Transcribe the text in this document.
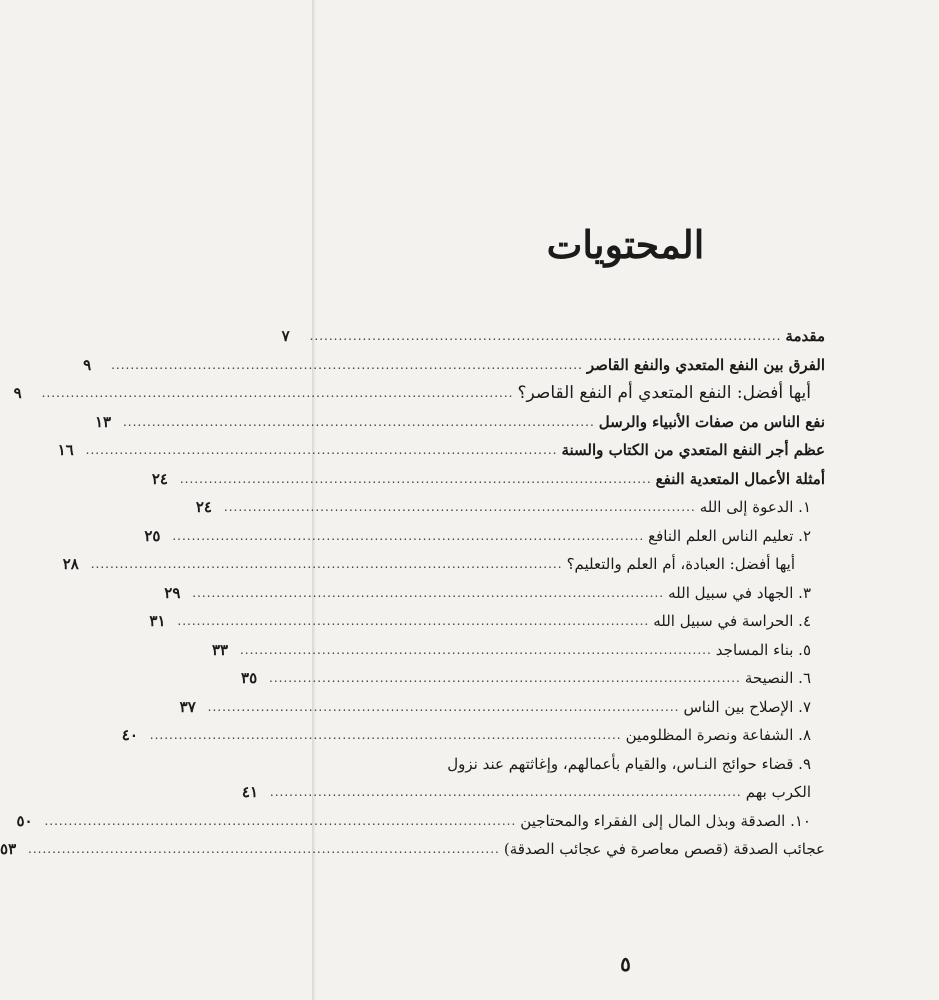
المحتويات
مقدمة
..................................................................................................
٧
الفرق بين النفع المتعدي والنفع القاصر
..................................................................................................
٩
أيها أفضل: النفع المتعدي أم النفع القاصر؟
..................................................................................................
٩
نفع الناس من صفات الأنبياء والرسل
..................................................................................................
١٣
عظم أجر النفع المتعدي من الكتاب والسنة
..................................................................................................
١٦
أمثلة الأعمال المتعدية النفع
..................................................................................................
٢٤
١. الدعوة إلى الله
..................................................................................................
٢٤
٢. تعليم الناس العلم النافع
..................................................................................................
٢٥
أيها أفضل: العبادة، أم العلم والتعليم؟
..................................................................................................
٢٨
٣. الجهاد في سبيل الله
..................................................................................................
٢٩
٤. الحراسة في سبيل الله
..................................................................................................
٣١
٥. بناء المساجد
..................................................................................................
٣٣
٦. النصيحة
..................................................................................................
٣٥
٧. الإصلاح بين الناس
..................................................................................................
٣٧
٨. الشفاعة ونصرة المظلومين
..................................................................................................
٤٠
٩. قضاء حوائج النـاس، والقيام بأعمالهم، وإغاثتهم عند نزول
الكرب بهم
..................................................................................................
٤١
١٠. الصدقة وبذل المال إلى الفقراء والمحتاجين
..................................................................................................
٥٠
عجائب الصدقة (قصص معاصرة في عجائب الصدقة)
..................................................................................................
٥٣
٥
